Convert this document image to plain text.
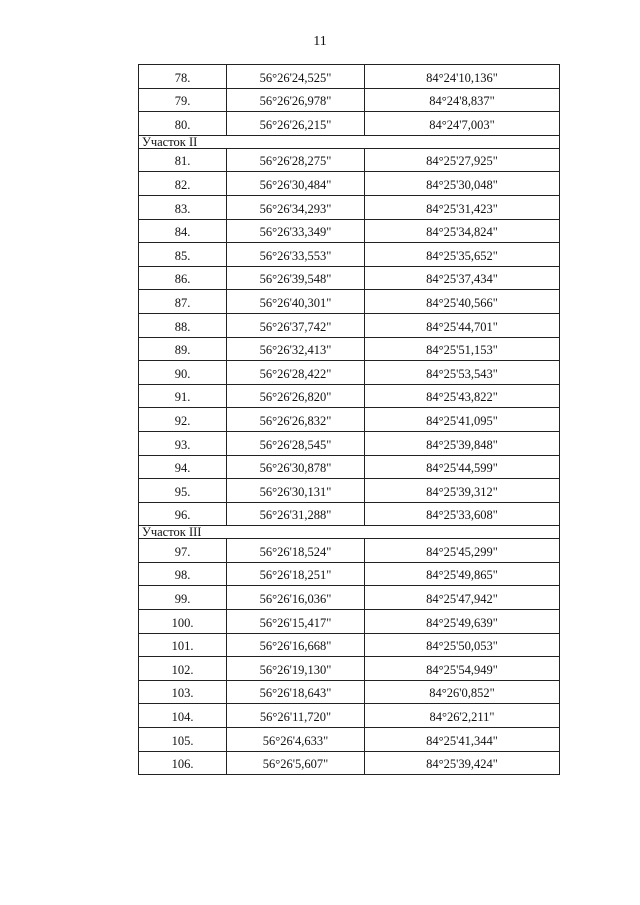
11
78.	56°26'24,525"	84°24'10,136"
79.	56°26'26,978"	84°24'8,837"
80.	56°26'26,215"	84°24'7,003"
Участок II		
81.	56°26'28,275"	84°25'27,925"
82.	56°26'30,484"	84°25'30,048"
83.	56°26'34,293"	84°25'31,423"
84.	56°26'33,349"	84°25'34,824"
85.	56°26'33,553"	84°25'35,652"
86.	56°26'39,548"	84°25'37,434"
87.	56°26'40,301"	84°25'40,566"
88.	56°26'37,742"	84°25'44,701"
89.	56°26'32,413"	84°25'51,153"
90.	56°26'28,422"	84°25'53,543"
91.	56°26'26,820"	84°25'43,822"
92.	56°26'26,832"	84°25'41,095"
93.	56°26'28,545"	84°25'39,848"
94.	56°26'30,878"	84°25'44,599"
95.	56°26'30,131"	84°25'39,312"
96.	56°26'31,288"	84°25'33,608"
Участок III		
97.	56°26'18,524"	84°25'45,299"
98.	56°26'18,251"	84°25'49,865"
99.	56°26'16,036"	84°25'47,942"
100.	56°26'15,417"	84°25'49,639"
101.	56°26'16,668"	84°25'50,053"
102.	56°26'19,130"	84°25'54,949"
103.	56°26'18,643"	84°26'0,852"
104.	56°26'11,720"	84°26'2,211"
105.	56°26'4,633"	84°25'41,344"
106.	56°26'5,607"	84°25'39,424"
